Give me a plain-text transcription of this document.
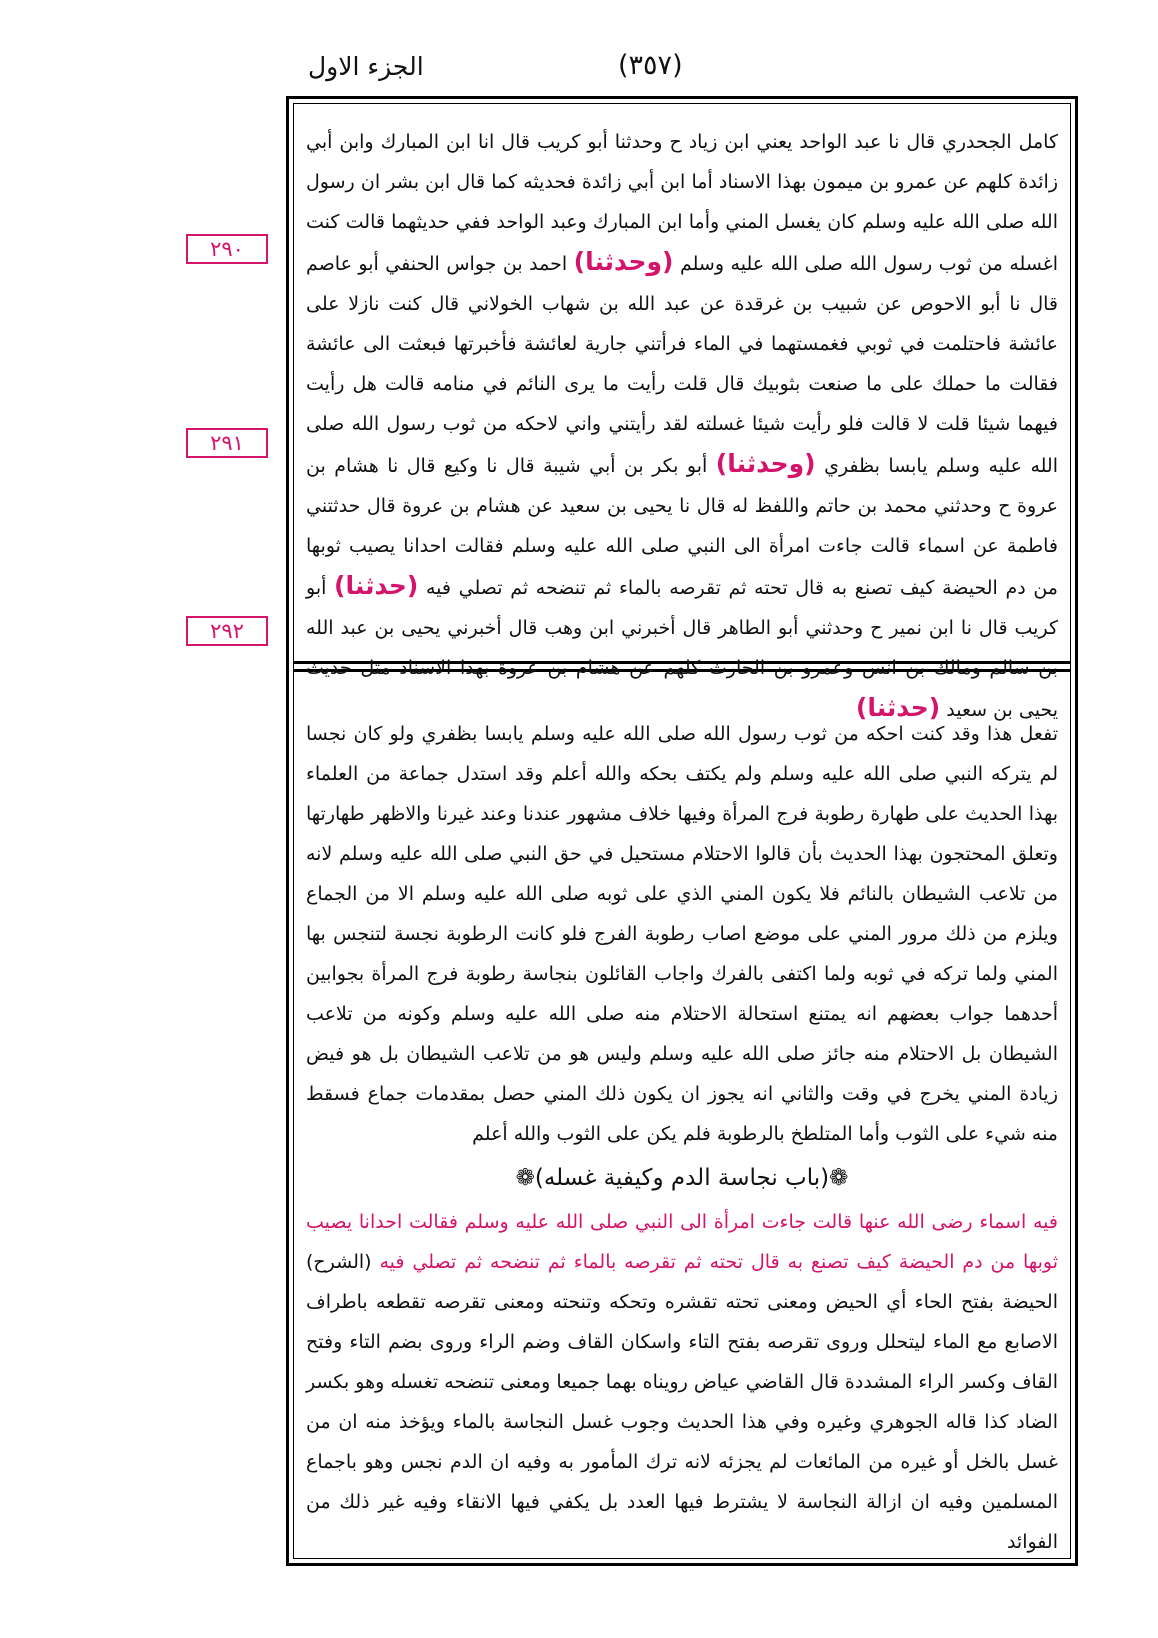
الجزء الاول	(٣٥٧)
٢٩٠
٢٩١
٢٩٢
كامل الجحدري قال نا عبد الواحد يعني ابن زياد ح وحدثنا أبو كريب قال انا ابن المبارك وابن أبي زائدة كلهم عن عمرو بن ميمون بهذا الاسناد أما ابن أبي زائدة فحديثه كما قال ابن بشر ان رسول الله صلى الله عليه وسلم كان يغسل المني وأما ابن المبارك وعبد الواحد ففي حديثهما قالت كنت اغسله من ثوب رسول الله صلى الله عليه وسلم (وحدثنا) احمد بن جواس الحنفي أبو عاصم قال نا أبو الاحوص عن شبيب بن غرقدة عن عبد الله بن شهاب الخولاني قال كنت نازلا على عائشة فاحتلمت في ثوبي فغمستهما في الماء فرأتني جارية لعائشة فأخبرتها فبعثت الى عائشة فقالت ما حملك على ما صنعت بثوبيك قال قلت رأيت ما يرى النائم في منامه قالت هل رأيت فيهما شيئا قلت لا قالت فلو رأيت شيئا غسلته لقد رأيتني واني لاحكه من ثوب رسول الله صلى الله عليه وسلم يابسا بظفري (وحدثنا) أبو بكر بن أبي شيبة قال نا وكيع قال نا هشام بن عروة ح وحدثني محمد بن حاتم واللفظ له قال نا يحيى بن سعيد عن هشام بن عروة قال حدثتني فاطمة عن اسماء قالت جاءت امرأة الى النبي صلى الله عليه وسلم فقالت احدانا يصيب ثوبها من دم الحيضة كيف تصنع به قال تحته ثم تقرصه بالماء ثم تنضحه ثم تصلي فيه (حدثنا) أبو كريب قال نا ابن نمير ح وحدثني أبو الطاهر قال أخبرني ابن وهب قال أخبرني يحيى بن عبد الله بن سالم ومالك بن انس وعمرو بن الحارث كلهم عن هشام بن عروة بهذا الاسناد مثل حديث يحيى بن سعيد (حدثنا)
تفعل هذا وقد كنت احكه من ثوب رسول الله صلى الله عليه وسلم يابسا بظفري ولو كان نجسا لم يتركه النبي صلى الله عليه وسلم ولم يكتف بحكه والله أعلم وقد استدل جماعة من العلماء بهذا الحديث على طهارة رطوبة فرج المرأة وفيها خلاف مشهور عندنا وعند غيرنا والاظهر طهارتها وتعلق المحتجون بهذا الحديث بأن قالوا الاحتلام مستحيل في حق النبي صلى الله عليه وسلم لانه من تلاعب الشيطان بالنائم فلا يكون المني الذي على ثوبه صلى الله عليه وسلم الا من الجماع ويلزم من ذلك مرور المني على موضع اصاب رطوبة الفرج فلو كانت الرطوبة نجسة لتنجس بها المني ولما تركه في ثوبه ولما اكتفى بالفرك واجاب القائلون بنجاسة رطوبة فرج المرأة بجوابين أحدهما جواب بعضهم انه يمتنع استحالة الاحتلام منه صلى الله عليه وسلم وكونه من تلاعب الشيطان بل الاحتلام منه جائز صلى الله عليه وسلم وليس هو من تلاعب الشيطان بل هو فيض زيادة المني يخرج في وقت والثاني انه يجوز ان يكون ذلك المني حصل بمقدمات جماع فسقط منه شيء على الثوب وأما المتلطخ بالرطوبة فلم يكن على الثوب والله أعلم
❁(باب نجاسة الدم وكيفية غسله)❁
فيه اسماء رضى الله عنها قالت جاءت امرأة الى النبي صلى الله عليه وسلم فقالت احدانا يصيب ثوبها من دم الحيضة كيف تصنع به قال تحته ثم تقرصه بالماء ثم تنضحه ثم تصلي فيه (الشرح) الحيضة بفتح الحاء أي الحيض ومعنى تحته تقشره وتحكه وتنحته ومعنى تقرصه تقطعه باطراف الاصابع مع الماء ليتحلل وروى تقرصه بفتح التاء واسكان القاف وضم الراء وروى بضم التاء وفتح القاف وكسر الراء المشددة قال القاضي عياض رويناه بهما جميعا ومعنى تنضحه تغسله وهو بكسر الضاد كذا قاله الجوهري وغيره وفي هذا الحديث وجوب غسل النجاسة بالماء ويؤخذ منه ان من غسل بالخل أو غيره من المائعات لم يجزئه لانه ترك المأمور به وفيه ان الدم نجس وهو باجماع المسلمين وفيه ان ازالة النجاسة لا يشترط فيها العدد بل يكفي فيها الانقاء وفيه غير ذلك من الفوائد
